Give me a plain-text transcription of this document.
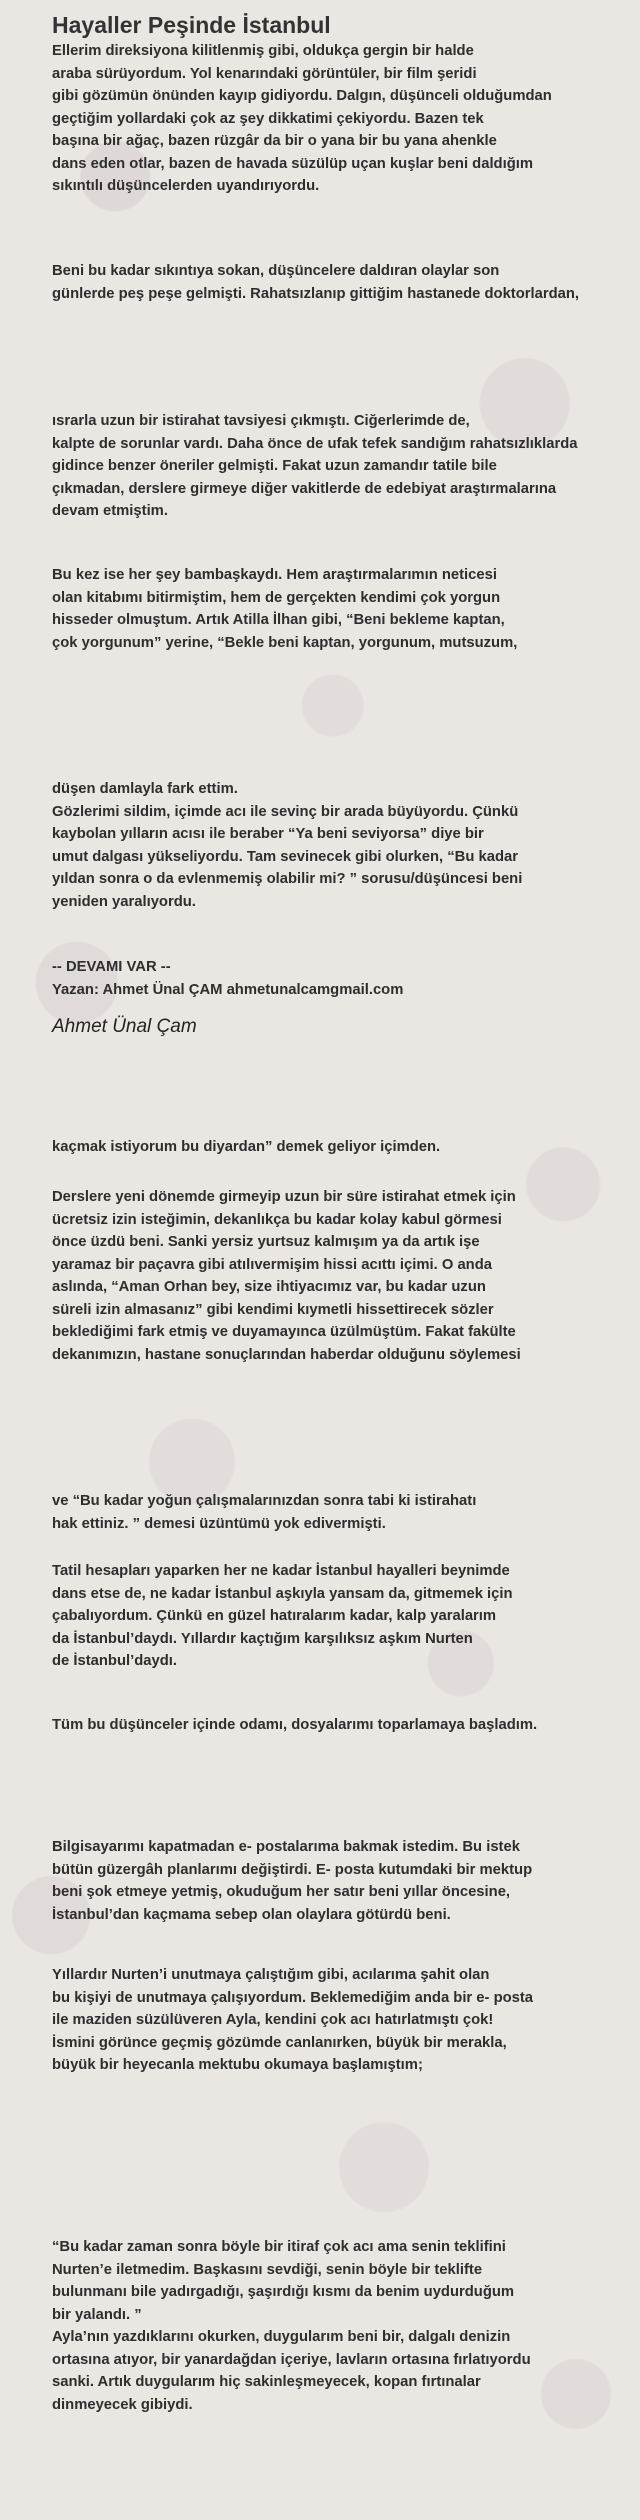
Hayaller Peşinde İstanbul
Ellerim direksiyona kilitlenmiş gibi, oldukça gergin bir halde
araba sürüyordum. Yol kenarındaki görüntüler, bir film şeridi
gibi gözümün önünden kayıp gidiyordu. Dalgın, düşünceli olduğumdan
geçtiğim yollardaki çok az şey dikkatimi çekiyordu. Bazen tek
başına bir ağaç, bazen rüzgâr da bir o yana bir bu yana ahenkle
dans eden otlar, bazen de havada süzülüp uçan kuşlar beni daldığım
sıkıntılı düşüncelerden uyandırıyordu.
Beni bu kadar sıkıntıya sokan, düşüncelere daldıran olaylar son
günlerde peş peşe gelmişti. Rahatsızlanıp gittiğim hastanede doktorlardan,
ısrarla uzun bir istirahat tavsiyesi çıkmıştı. Ciğerlerimde de,
kalpte de sorunlar vardı. Daha önce de ufak tefek sandığım rahatsızlıklarda
gidince benzer öneriler gelmişti. Fakat uzun zamandır tatile bile
çıkmadan, derslere girmeye diğer vakitlerde de edebiyat araştırmalarına
devam etmiştim.
Bu kez ise her şey bambaşkaydı. Hem araştırmalarımın neticesi
olan kitabımı bitirmiştim, hem de gerçekten kendimi çok yorgun
hisseder olmuştum. Artık Atilla İlhan gibi, “Beni bekleme kaptan,
çok yorgunum” yerine, “Bekle beni kaptan, yorgunum, mutsuzum,
düşen damlayla fark ettim.
Gözlerimi sildim, içimde acı ile sevinç bir arada büyüyordu. Çünkü
kaybolan yılların acısı ile beraber “Ya beni seviyorsa” diye bir
umut dalgası yükseliyordu. Tam sevinecek gibi olurken, “Bu kadar
yıldan sonra o da evlenmemiş olabilir mi? ” sorusu/düşüncesi beni
yeniden yaralıyordu.
-- DEVAMI VAR --
Yazan: Ahmet Ünal ÇAM ahmetunalcamgmail.com
Ahmet Ünal Çam
kaçmak istiyorum bu diyardan” demek geliyor içimden.
Derslere yeni dönemde girmeyip uzun bir süre istirahat etmek için
ücretsiz izin isteğimin, dekanlıkça bu kadar kolay kabul görmesi
önce üzdü beni. Sanki yersiz yurtsuz kalmışım ya da artık işe
yaramaz bir paçavra gibi atılıvermişim hissi acıttı içimi. O anda
aslında, “Aman Orhan bey, size ihtiyacımız var, bu kadar uzun
süreli izin almasanız” gibi kendimi kıymetli hissettirecek sözler
beklediğimi fark etmiş ve duyamayınca üzülmüştüm. Fakat fakülte
dekanımızın, hastane sonuçlarından haberdar olduğunu söylemesi
ve “Bu kadar yoğun çalışmalarınızdan sonra tabi ki istirahatı
hak ettiniz. ” demesi üzüntümü yok edivermişti.
Tatil hesapları yaparken her ne kadar İstanbul hayalleri beynimde
dans etse de, ne kadar İstanbul aşkıyla yansam da, gitmemek için
çabalıyordum. Çünkü en güzel hatıralarım kadar, kalp yaralarım
da İstanbul’daydı. Yıllardır kaçtığım karşılıksız aşkım Nurten
de İstanbul’daydı.
Tüm bu düşünceler içinde odamı, dosyalarımı toparlamaya başladım.
Bilgisayarımı kapatmadan e- postalarıma bakmak istedim. Bu istek
bütün güzergâh planlarımı değiştirdi. E- posta kutumdaki bir mektup
beni şok etmeye yetmiş, okuduğum her satır beni yıllar öncesine,
İstanbul’dan kaçmama sebep olan olaylara götürdü beni.
Yıllardır Nurten’i unutmaya çalıştığım gibi, acılarıma şahit olan
bu kişiyi de unutmaya çalışıyordum. Beklemediğim anda bir e- posta
ile maziden süzülüveren Ayla, kendini çok acı hatırlatmıştı çok!
İsmini görünce geçmiş gözümde canlanırken, büyük bir merakla,
büyük bir heyecanla mektubu okumaya başlamıştım;
“Bu kadar zaman sonra böyle bir itiraf çok acı ama senin teklifini
Nurten’e iletmedim. Başkasını sevdiği, senin böyle bir teklifte
bulunmanı bile yadırgadığı, şaşırdığı kısmı da benim uydurduğum
bir yalandı. ”
Ayla’nın yazdıklarını okurken, duygularım beni bir, dalgalı denizin
ortasına atıyor, bir yanardağdan içeriye, lavların ortasına fırlatıyordu
sanki. Artık duygularım hiç sakinleşmeyecek, kopan fırtınalar
dinmeyecek gibiydi.
